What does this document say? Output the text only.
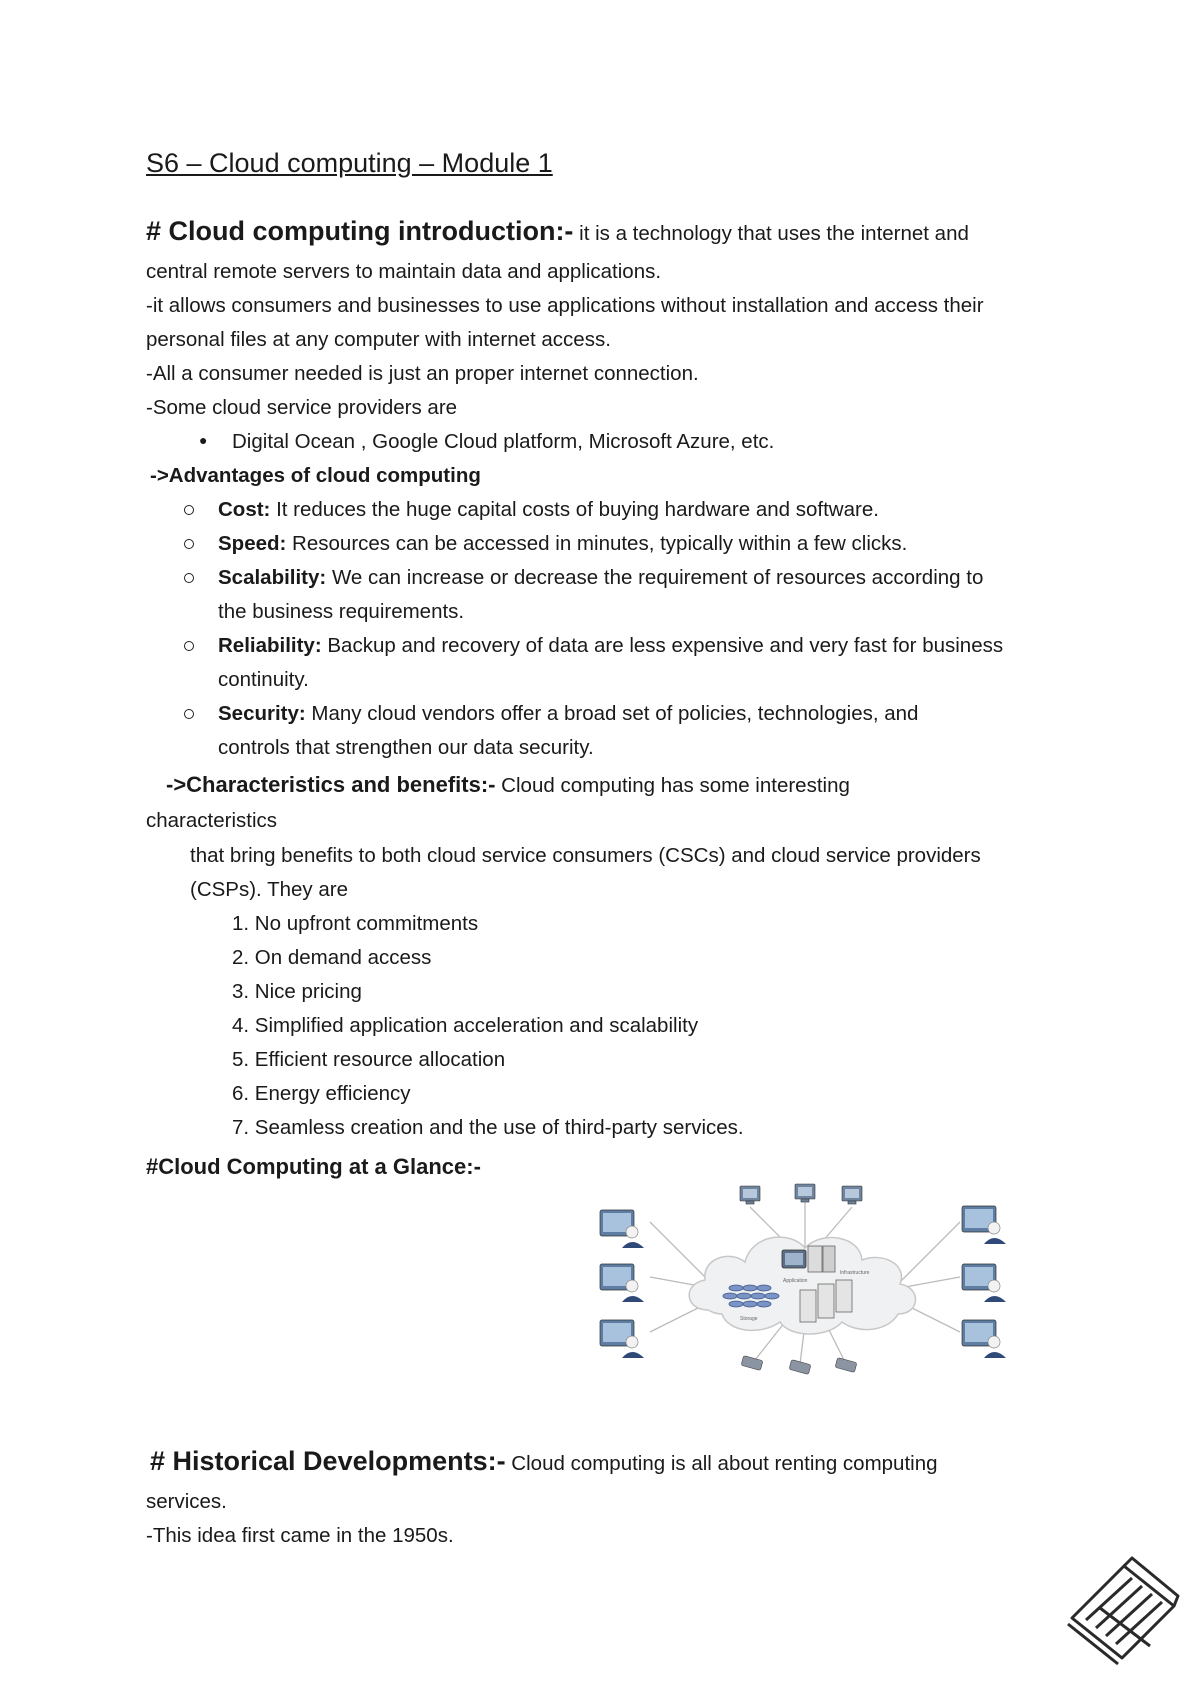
S6 – Cloud computing – Module 1
# Cloud computing introduction:- it is a technology that uses the internet and
central remote servers to maintain data and applications.
-it allows consumers and businesses to use applications without installation and access their
personal files at any computer with internet access.
-All a consumer needed is just an proper internet connection.
-Some cloud service providers are
● Digital Ocean , Google Cloud platform, Microsoft Azure, etc.
->Advantages of cloud computing
Cost: It reduces the huge capital costs of buying hardware and software.
Speed: Resources can be accessed in minutes, typically within a few clicks.
Scalability: We can increase or decrease the requirement of resources according to
the business requirements.
Reliability: Backup and recovery of data are less expensive and very fast for business
continuity.
Security: Many cloud vendors offer a broad set of policies, technologies, and
controls that strengthen our data security.
->Characteristics and benefits:- Cloud computing has some interesting
characteristics
that bring benefits to both cloud service consumers (CSCs) and cloud service providers
(CSPs). They are
1. No upfront commitments
2. On demand access
3. Nice pricing
4. Simplified application acceleration and scalability
5. Efficient resource allocation
6. Energy efficiency
7. Seamless creation and the use of third-party services.
#Cloud Computing at a Glance:-
Application
Infrastructure
Storage
# Historical Developments:- Cloud computing is all about renting computing
services.
-This idea first came in the 1950s.
